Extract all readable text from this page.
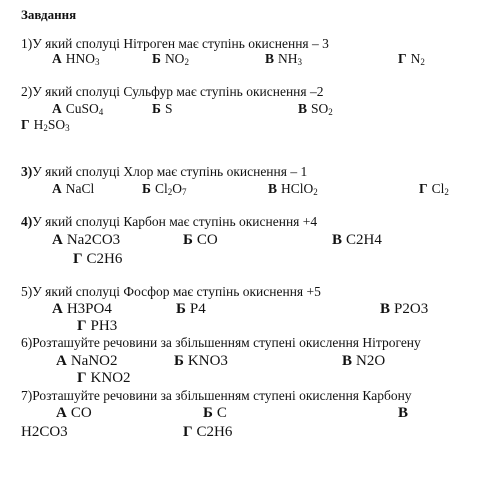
Завдання
1)У який сполуці Нітроген має ступінь окиснення – 3
А $HNO_3$	Б $NO_2$	В $NH_3$	Г $N_2$
2)У який сполуці Сульфур має ступінь окиснення –2
А CuSO$_4$	Б S	В $SO_2$
Г $H_2SO_3$
3)У який сполуці Хлор має ступінь окиснення – 1
А NaCl	Б $Cl_2O_7$	В HClO$_2$	Г $Cl_2$
4)У який сполуці Карбон має ступінь окиснення +4
А Na2CO3	Б CO	В C2H4
Г C2H6
5)У який сполуці Фосфор має ступінь окиснення +5
А H3PO4	Б P4	В P2O3
Г PH3
6)Розташуйте речовини за збільшенням ступені окислення Нітрогену
А NaNO2	Б KNO3	В N2O
Г KNO2
7)Розташуйте речовини за збільшенням ступені окислення Карбону
А CO	Б C	В
H2CO3	Г C2H6
